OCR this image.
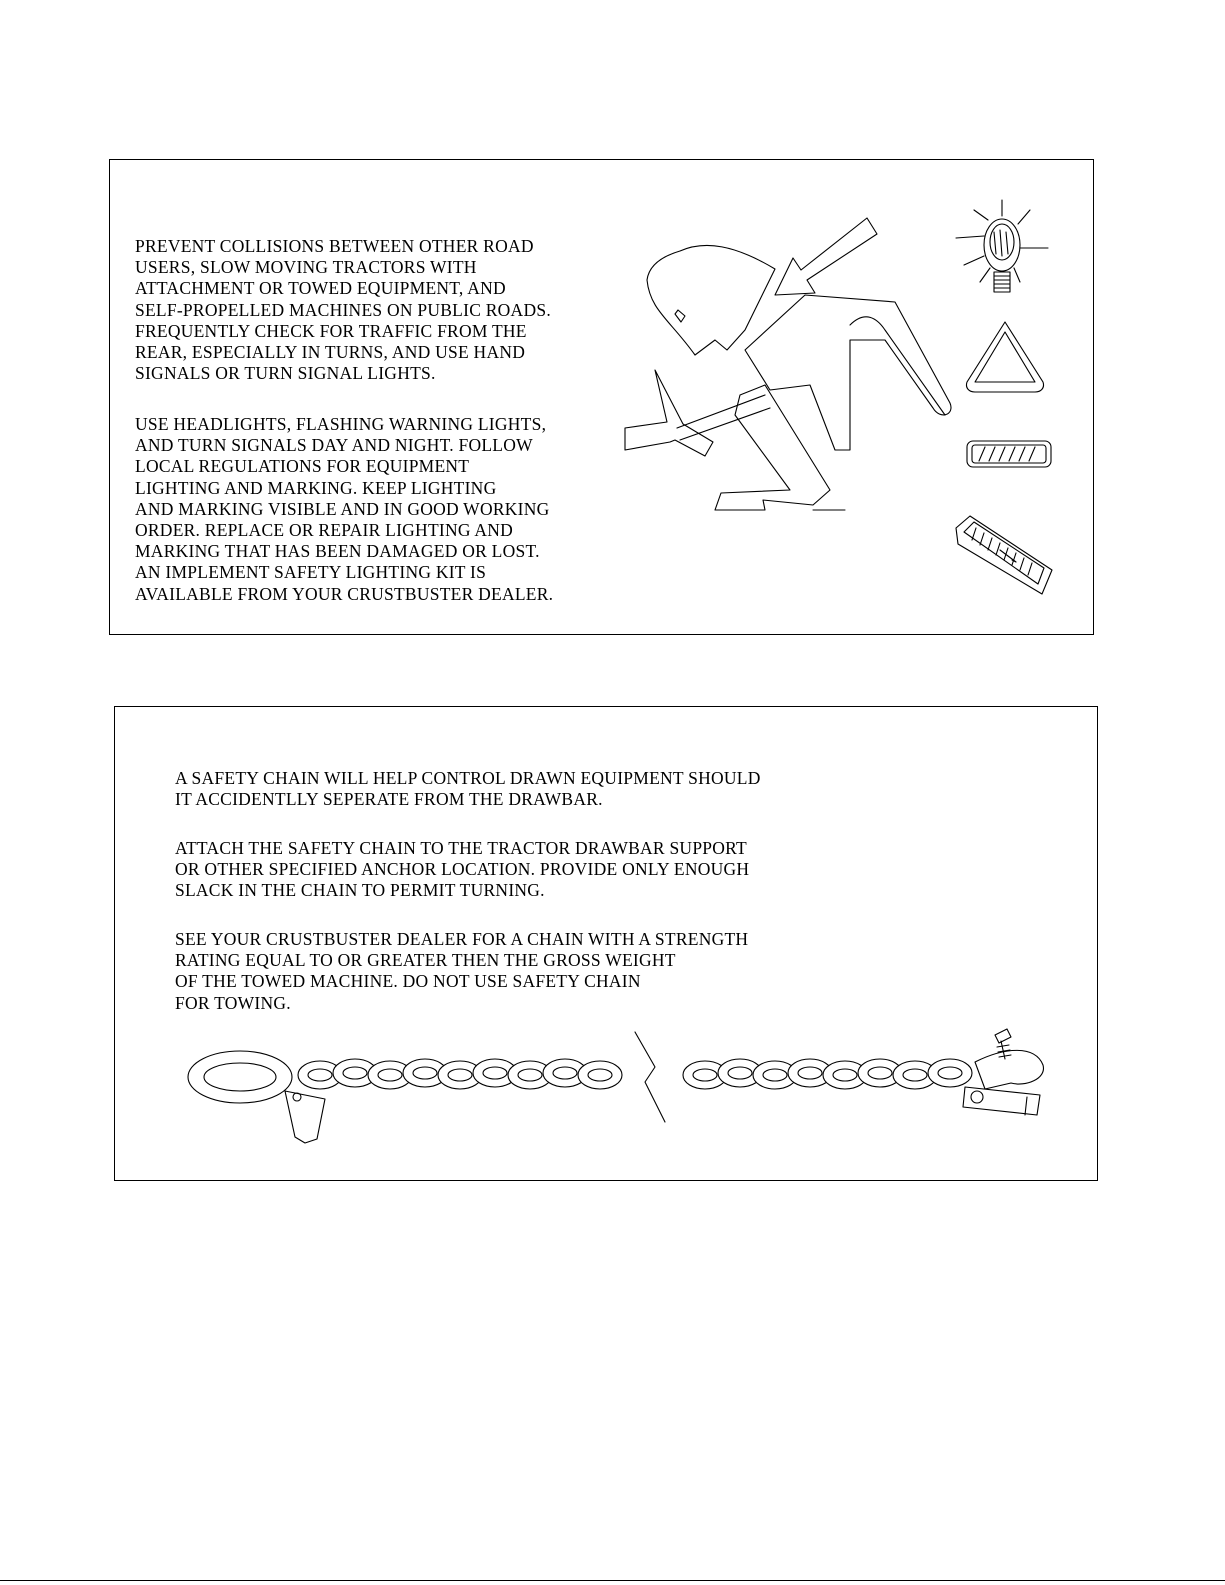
PREVENT COLLISIONS BETWEEN OTHER ROAD
USERS, SLOW MOVING TRACTORS WITH
ATTACHMENT OR TOWED EQUIPMENT, AND
SELF-PROPELLED MACHINES ON PUBLIC ROADS.
FREQUENTLY CHECK FOR TRAFFIC FROM THE
REAR, ESPECIALLY IN TURNS, AND USE HAND
SIGNALS OR TURN SIGNAL LIGHTS.

USE HEADLIGHTS, FLASHING WARNING LIGHTS,
AND TURN SIGNALS DAY AND NIGHT. FOLLOW
LOCAL REGULATIONS FOR EQUIPMENT
LIGHTING AND MARKING. KEEP LIGHTING
AND MARKING VISIBLE AND IN GOOD WORKING
ORDER. REPLACE OR REPAIR LIGHTING AND
MARKING THAT HAS BEEN DAMAGED OR LOST.
AN IMPLEMENT SAFETY LIGHTING KIT IS
AVAILABLE FROM YOUR CRUSTBUSTER DEALER.

A SAFETY CHAIN WILL HELP CONTROL DRAWN EQUIPMENT SHOULD
IT ACCIDENTLLY SEPERATE FROM THE DRAWBAR.

ATTACH THE SAFETY CHAIN TO THE TRACTOR DRAWBAR SUPPORT
OR OTHER SPECIFIED ANCHOR LOCATION. PROVIDE ONLY ENOUGH
SLACK IN THE CHAIN TO PERMIT TURNING.

SEE YOUR CRUSTBUSTER DEALER FOR A CHAIN WITH A STRENGTH
RATING EQUAL TO OR GREATER THEN THE GROSS WEIGHT
OF THE TOWED MACHINE. DO NOT USE SAFETY CHAIN
FOR TOWING.
